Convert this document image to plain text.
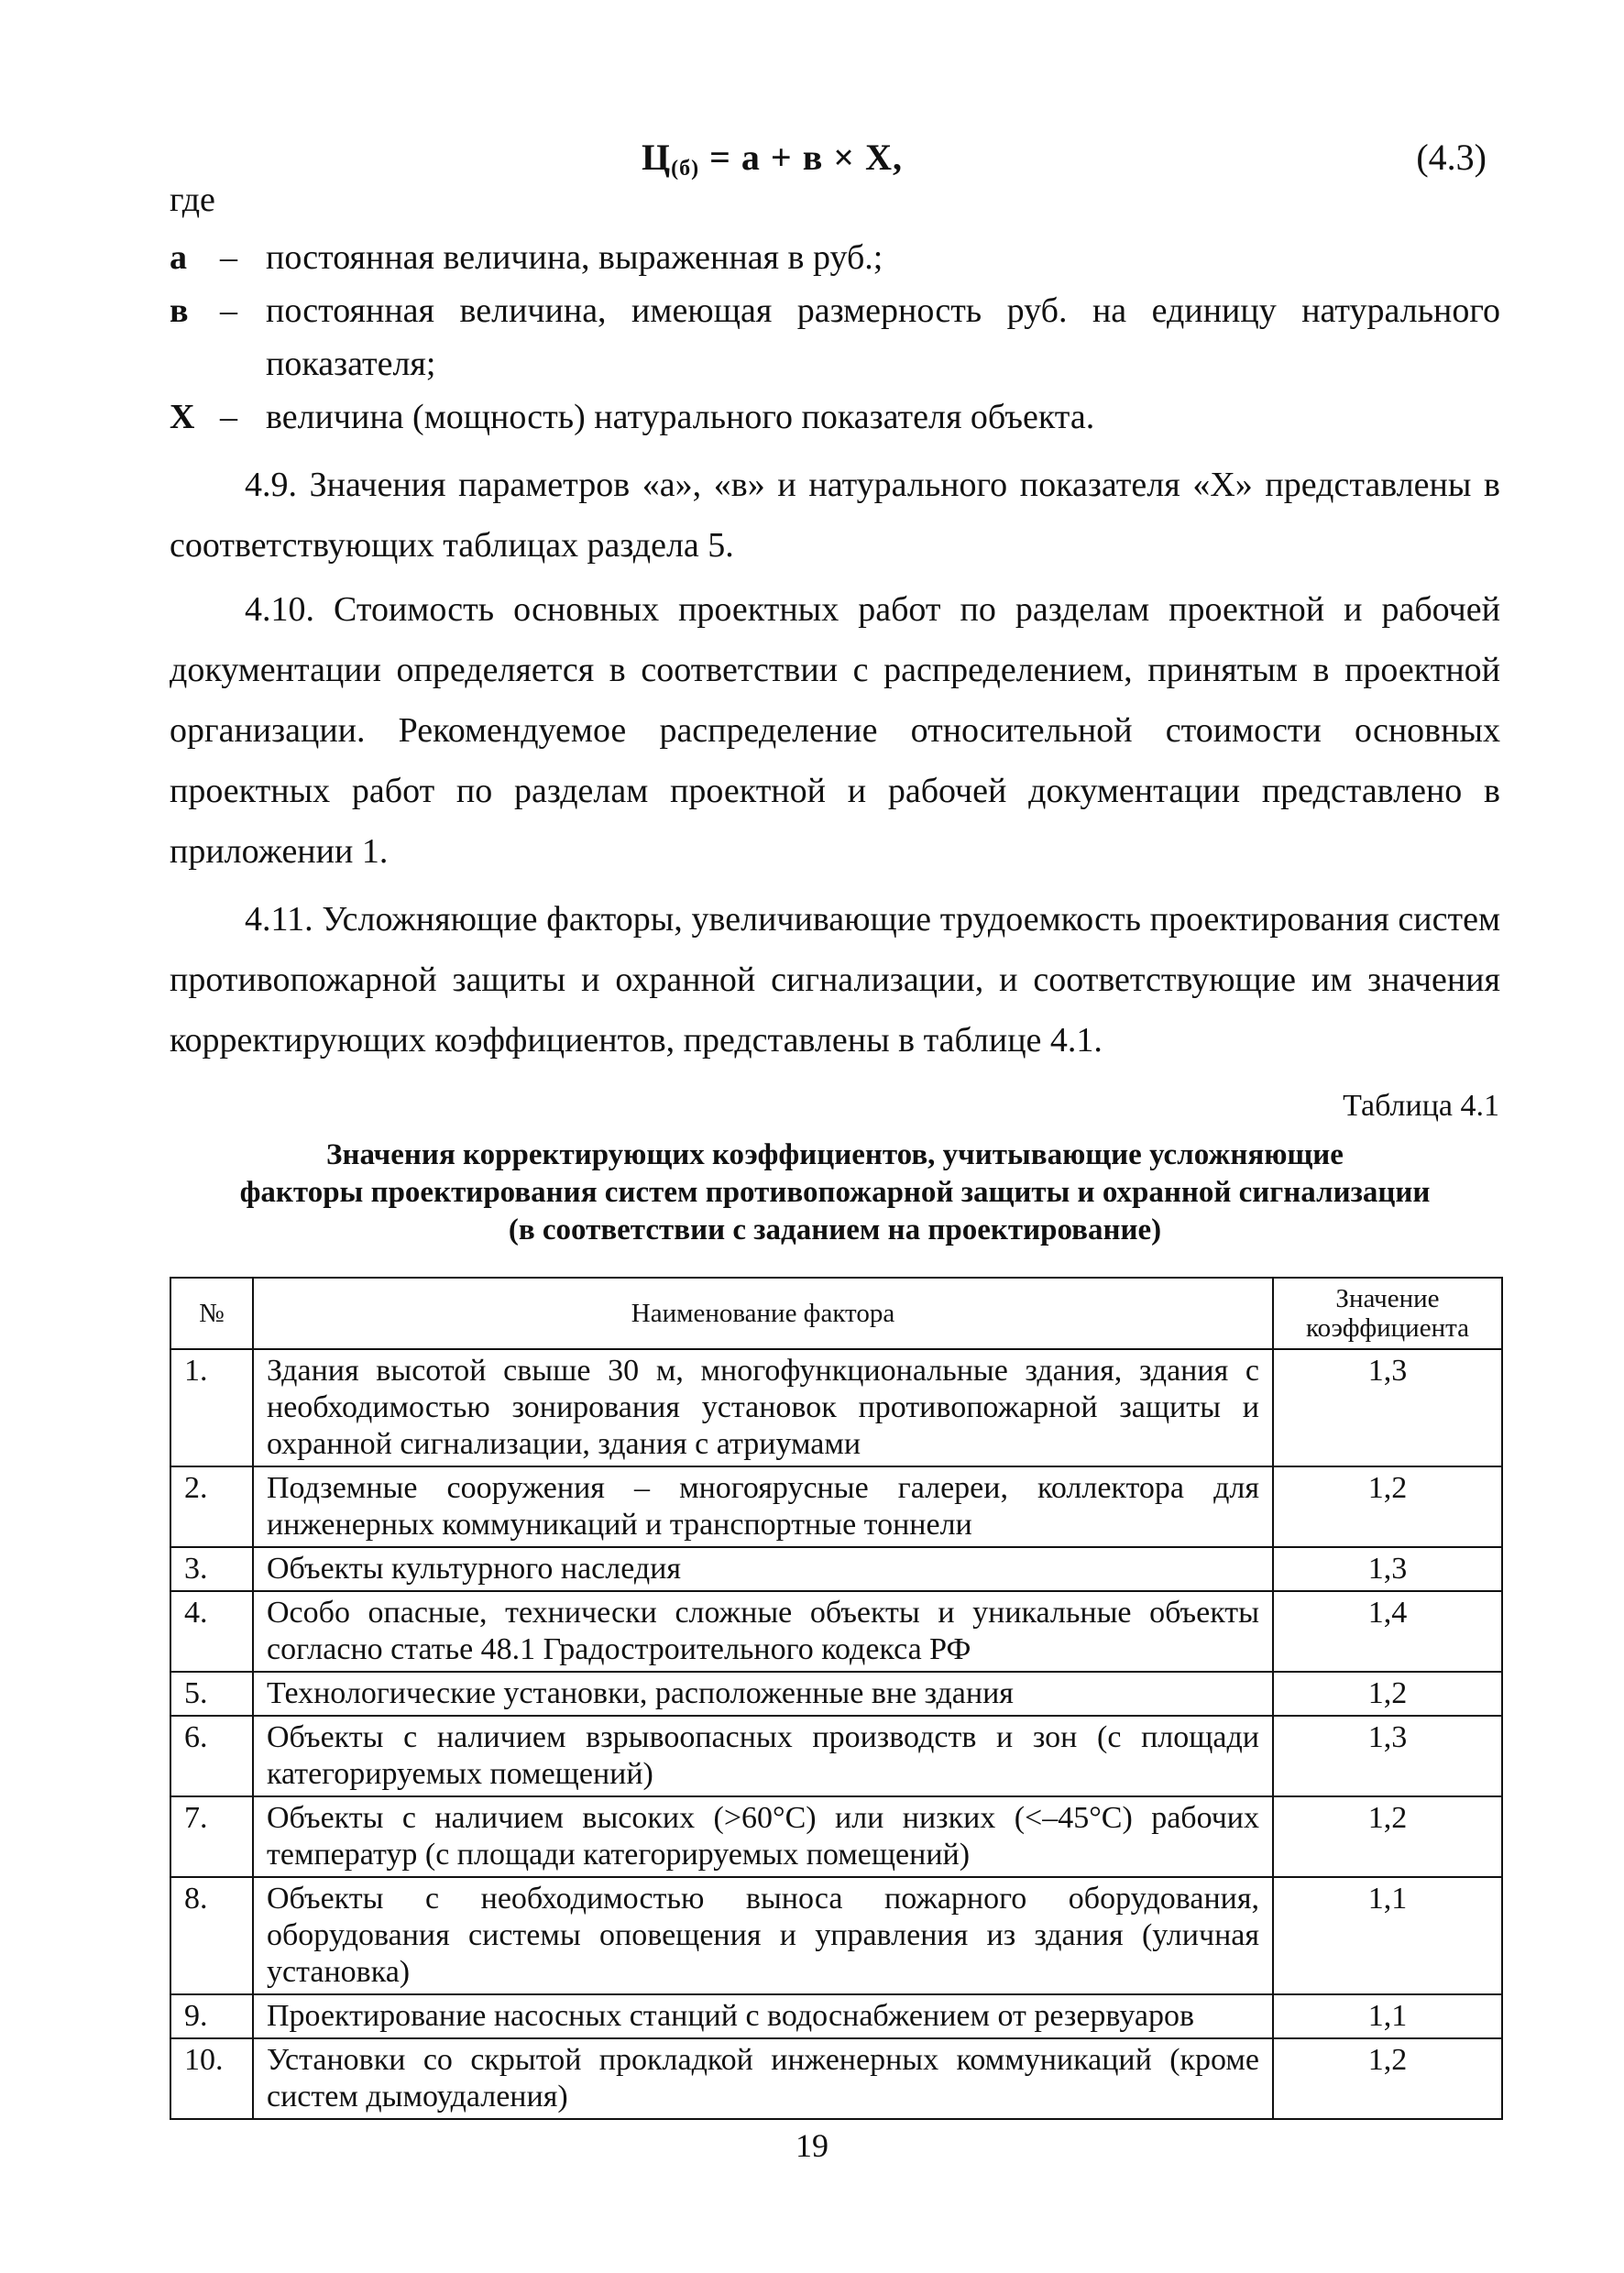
$Ц_{(б)} = а + в \times Х$,	(4.3)
где
а – постоянная величина, выраженная в руб.;
в – постоянная величина, имеющая размерность руб. на единицу натурального показателя;
Х – величина (мощность) натурального показателя объекта.
4.9. Значения параметров «а», «в» и натурального показателя «Х» представлены в соответствующих таблицах раздела 5.
4.10. Стоимость основных проектных работ по разделам проектной и рабочей документации определяется в соответствии с распределением, принятым в проектной организации. Рекомендуемое распределение относительной стоимости основных проектных работ по разделам проектной и рабочей документации представлено в приложении 1.
4.11. Усложняющие факторы, увеличивающие трудоемкость проектирования систем противопожарной защиты и охранной сигнализации, и соответствующие им значения корректирующих коэффициентов, представлены в таблице 4.1.
Таблица 4.1
Значения корректирующих коэффициентов, учитывающие усложняющие
факторы проектирования систем противопожарной защиты и охранной сигнализации
(в соответствии с заданием на проектирование)
№	Наименование фактора	Значение
коэффициента

1.	Здания высотой свыше 30 м, многофункциональные здания, здания с необходимостью зонирования установок противопожарной защиты и охранной сигнализации, здания с атриумами	1,3
2.	Подземные сооружения – многоярусные галереи, коллектора для инженерных коммуникаций и транспортные тоннели	1,2
3.	Объекты культурного наследия	1,3
4.	Особо опасные, технически сложные объекты и уникальные объекты согласно статье 48.1 Градостроительного кодекса РФ	1,4
5.	Технологические установки, расположенные вне здания	1,2
6.	Объекты с наличием взрывоопасных производств и зон (с площади категорируемых помещений)	1,3
7.	Объекты с наличием высоких (>60°С) или низких (<–45°С) рабочих температур (с площади категорируемых помещений)	1,2
8.	Объекты с необходимостью выноса пожарного оборудования, оборудования системы оповещения и управления из здания (уличная установка)	1,1
9.	Проектирование насосных станций с водоснабжением от резервуаров	1,1
10.	Установки со скрытой прокладкой инженерных коммуникаций (кроме систем дымоудаления)	1,2
19
